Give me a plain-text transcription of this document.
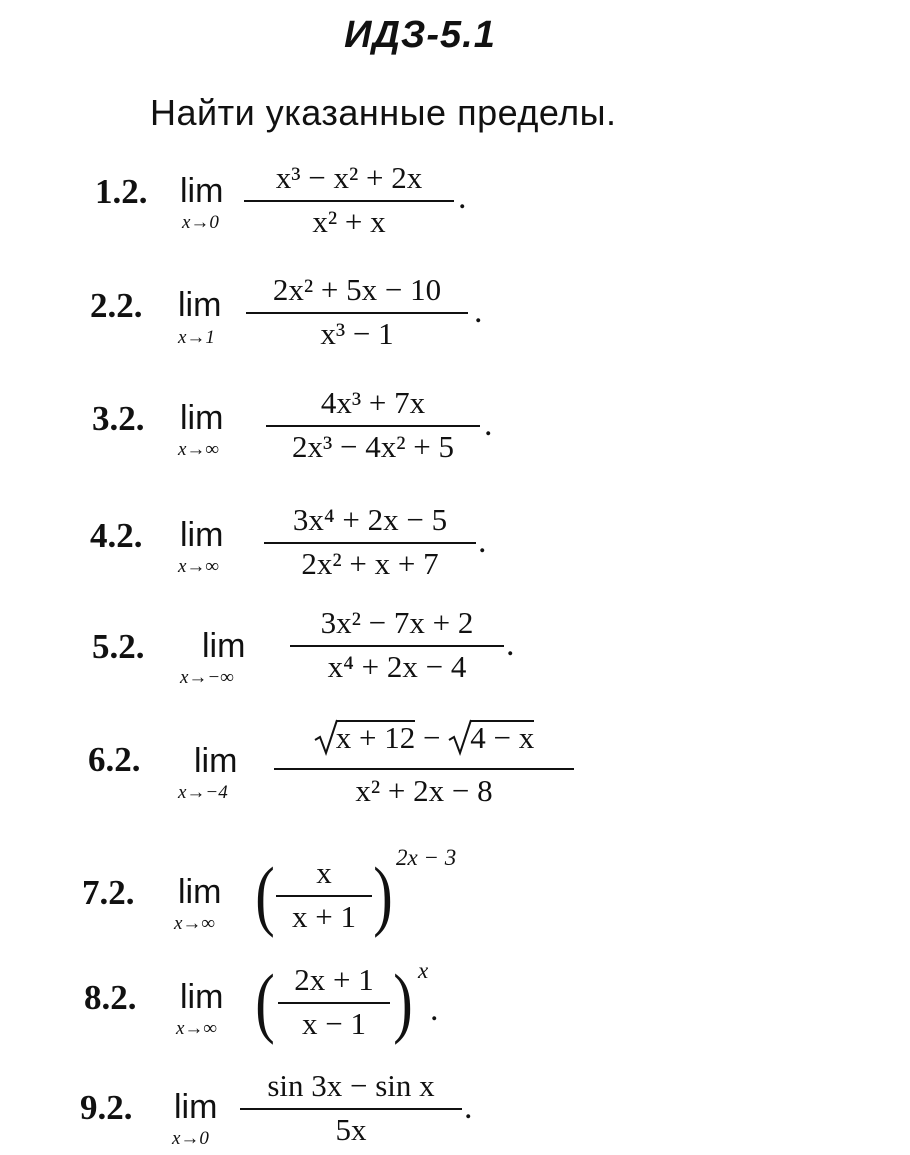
ИДЗ-5.1
Найти указанные пределы.
1.2. lim
x→0
x³ − x² + 2x
x² + x
.
2.2. lim
x→1
2x² + 5x − 10
x³ − 1
.
3.2. lim
x→∞
4x³ + 7x
2x³ − 4x² + 5
.
4.2. lim
x→∞
3x⁴ + 2x − 5
2x² + x + 7
.
5.2. lim
x→−∞
3x² − 7x + 2
x⁴ + 2x − 4
.
6.2. lim
x→−4
x + 12 − 4 − x
x² + 2x − 8
7.2. lim
x→∞ (	x
x + 1 ) 2x − 3
8.2. lim
x→∞ ( 2x + 1
x − 1 ) x
.
9.2. lim
x→0
sin 3x − sin x
5x
.
